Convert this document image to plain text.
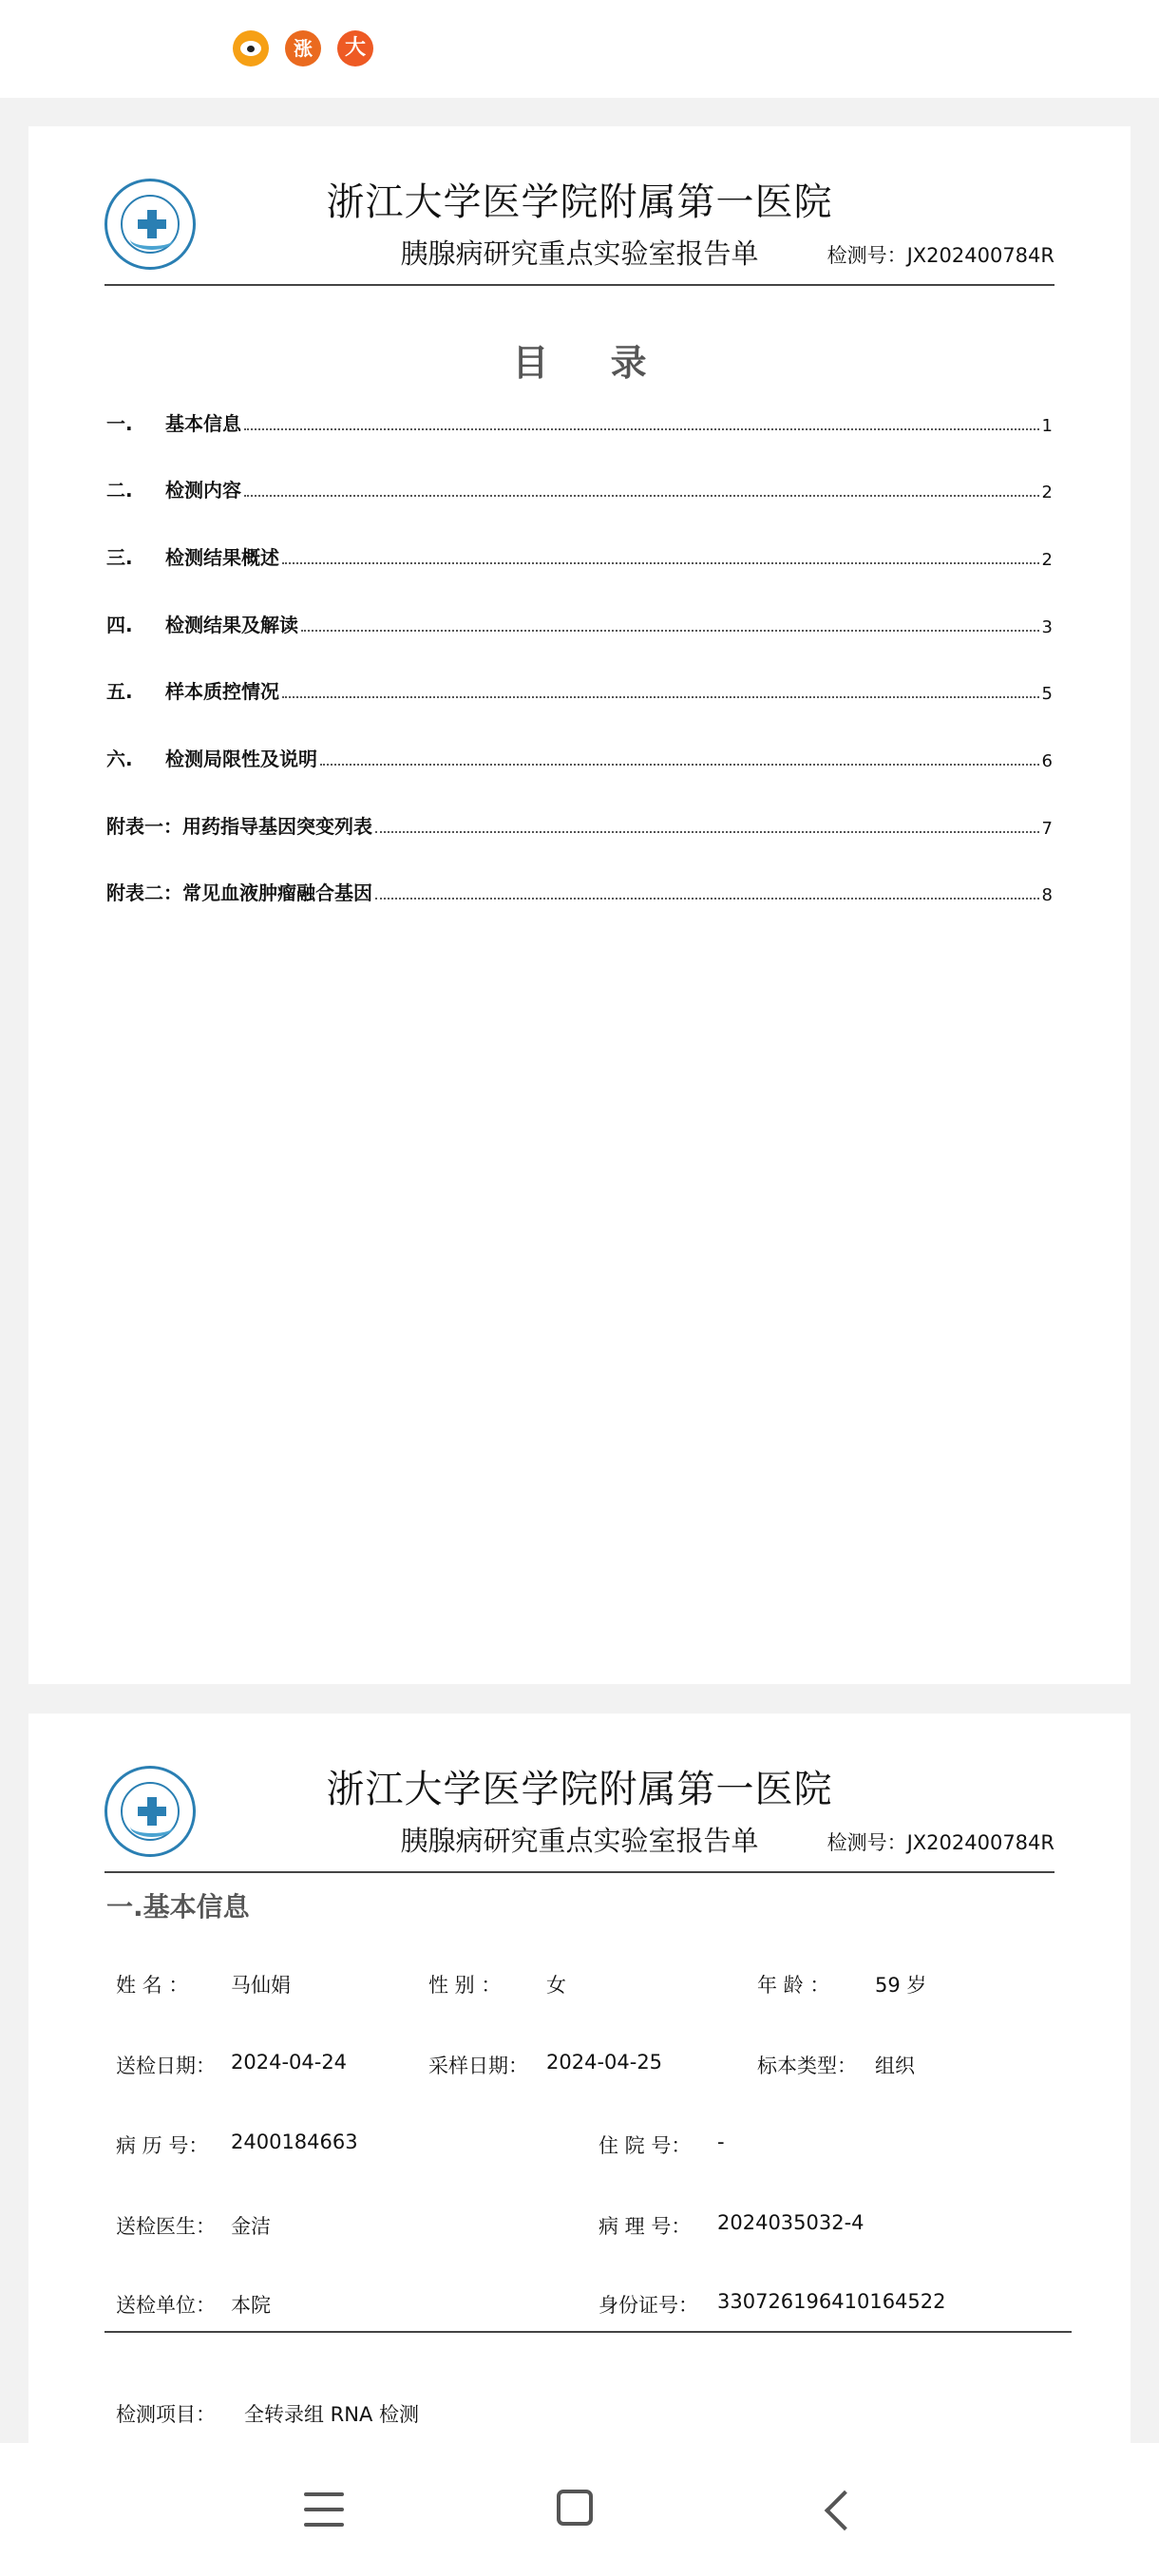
涨	大
浙江大学医学院附属第一医院
胰腺病研究重点实验室报告单	检测号：JX202400784R
目 录
一.	基本信息	1
二.	检测内容	2
三.	检测结果概述	2
四.	检测结果及解读	3
五.	样本质控情况	5
六.	检测局限性及说明	6
附表一：用药指导基因突变列表	7
附表二：常见血液肿瘤融合基因	8
浙江大学医学院附属第一医院
胰腺病研究重点实验室报告单	检测号：JX202400784R
一.基本信息
姓 名 ： 马仙娟	性 别 ： 女	年 龄 ： 59 岁
送检日期： 2024-04-24	采样日期： 2024-04-25	标本类型： 组织
病 历 号： 2400184663	住 院 号： -
送检医生： 金洁	病 理 号： 2024035032-4
送检单位： 本院	身份证号： 330726196410164522
检测项目： 全转录组 RNA 检测
